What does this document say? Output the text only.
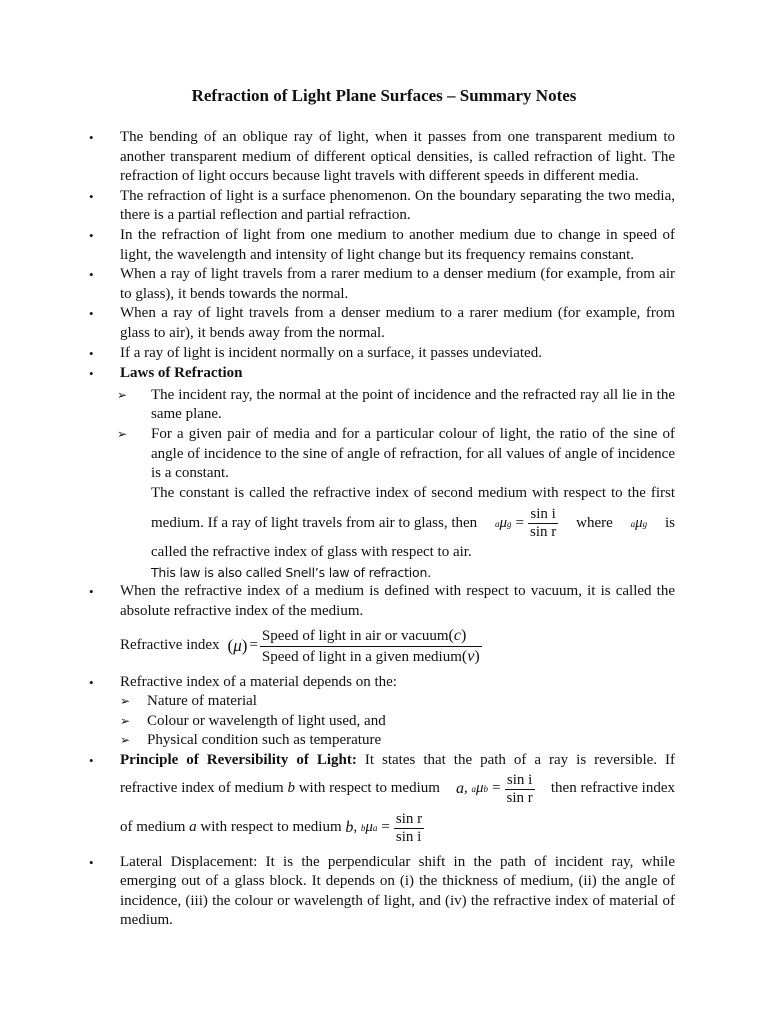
Refraction of Light Plane Surfaces – Summary Notes
• The bending of an oblique ray of light, when it passes from one transparent medium to another transparent medium of different optical densities, is called refraction of light. The refraction of light occurs because light travels with different speeds in different media.
• The refraction of light is a surface phenomenon. On the boundary separating the two media, there is a partial reflection and partial refraction.
• In the refraction of light from one medium to another medium due to change in speed of light, the wavelength and intensity of light change but its frequency remains constant.
• When a ray of light travels from a rarer medium to a denser medium (for example, from air to glass), it bends towards the normal.
• When a ray of light travels from a denser medium to a rarer medium (for example, from glass to air), it bends away from the normal.
• If a ray of light is incident normally on a surface, it passes undeviated.
• Laws of Refraction
➢ The incident ray, the normal at the point of incidence and the refracted ray all lie in the same plane.
➢ For a given pair of media and for a particular colour of light, the ratio of the sine of angle of incidence to the sine of angle of refraction, for all values of angle of incidence is a constant.
The constant is called the refractive index of second medium with respect to the first
medium. If a ray of light travels from air to glass, then $a\mu g = \frac{\text{sin i}}{\text{sin r}}$ where aμg is
called the refractive index of glass with respect to air.
This law is also called Snell’s law of refraction.
• When the refractive index of a medium is defined with respect to vacuum, it is called the absolute refractive index of the medium.
Refractive index $(\mu) = \frac{\text{Speed of light in air or vacuum(c)}}{\text{Speed of light in a given medium(v)}}$
• Refractive index of a material depends on the:
➢ Nature of material
➢ Colour or wavelength of light used, and
➢ Physical condition such as temperature
• Principle of Reversibility of Light: It states that the path of a ray is reversible. If
refractive index of medium b with respect to medium a , $a\mu b = \frac{\text{sin i}}{\text{sin r}}$ then refractive index
of medium a with respect to medium b , $b\mu a = \frac{\text{sin r}}{\text{sin i}}$
• Lateral Displacement: It is the perpendicular shift in the path of incident ray, while emerging out of a glass block. It depends on (i) the thickness of medium, (ii) the angle of incidence, (iii) the colour or wavelength of light, and (iv) the refractive index of material of medium.
